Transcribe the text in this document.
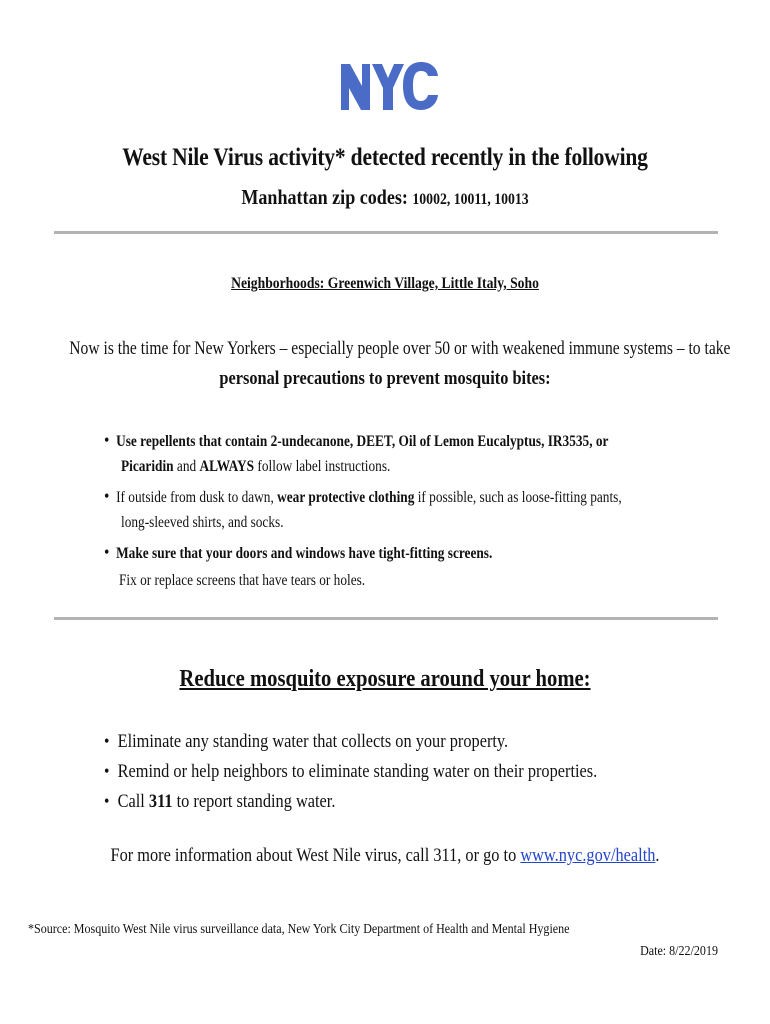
West Nile Virus activity* detected recently in the following
Manhattan zip codes: 10002, 10011, 10013
Neighborhoods: Greenwich Village, Little Italy, Soho
Now is the time for New Yorkers – especially people over 50 or with weakened immune systems – to take
personal precautions to prevent mosquito bites:
• Use repellents that contain 2-undecanone, DEET, Oil of Lemon Eucalyptus, IR3535, or
Picaridin and ALWAYS follow label instructions.
• If outside from dusk to dawn, wear protective clothing if possible, such as loose-fitting pants,
long-sleeved shirts, and socks.
• Make sure that your doors and windows have tight-fitting screens.
Fix or replace screens that have tears or holes.
Reduce mosquito exposure around your home:
• Eliminate any standing water that collects on your property.
• Remind or help neighbors to eliminate standing water on their properties.
• Call 311 to report standing water.
For more information about West Nile virus, call 311, or go to www.nyc.gov/health.
*Source: Mosquito West Nile virus surveillance data, New York City Department of Health and Mental Hygiene
Date: 8/22/2019
